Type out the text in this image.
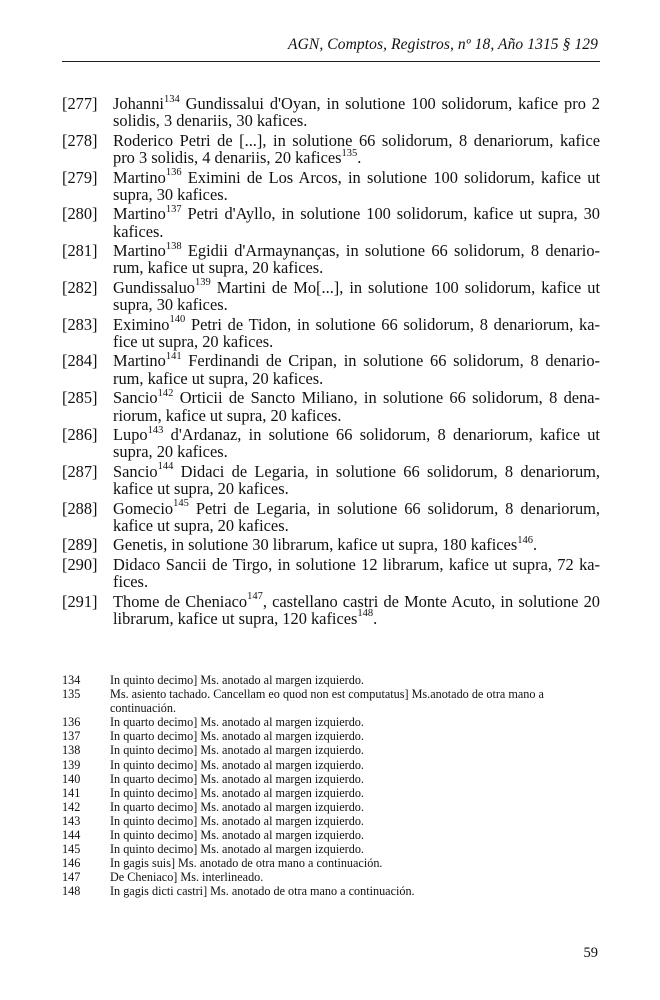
AGN, Comptos, Registros, nº 18, Año 1315 § 129
[277] Johanni$^{134}$ Gundissalui d'Oyan, in solutione 100 solidorum, kafice pro 2 solidis, 3 denariis, 30 kafices.
[278] Roderico Petri de [...], in solutione 66 solidorum, 8 denariorum, kafice pro 3 solidis, 4 denariis, 20 kafices$^{135}$.
[279] Martino$^{136}$ Eximini de Los Arcos, in solutione 100 solidorum, kafice ut supra, 30 kafices.
[280] Martino$^{137}$ Petri d'Ayllo, in solutione 100 solidorum, kafice ut supra, 30 kafices.
[281] Martino$^{138}$ Egidii d'Armaynanças, in solutione 66 solidorum, 8 denario-rum, kafice ut supra, 20 kafices.
[282] Gundissaluo$^{139}$ Martini de Mo[...], in solutione 100 solidorum, kafice ut supra, 30 kafices.
[283] Eximino$^{140}$ Petri de Tidon, in solutione 66 solidorum, 8 denariorum, ka-fice ut supra, 20 kafices.
[284] Martino$^{141}$ Ferdinandi de Cripan, in solutione 66 solidorum, 8 denario-rum, kafice ut supra, 20 kafices.
[285] Sancio$^{142}$ Orticii de Sancto Miliano, in solutione 66 solidorum, 8 dena-riorum, kafice ut supra, 20 kafices.
[286] Lupo$^{143}$ d'Ardanaz, in solutione 66 solidorum, 8 denariorum, kafice ut supra, 20 kafices.
[287] Sancio$^{144}$ Didaci de Legaria, in solutione 66 solidorum, 8 denariorum, kafice ut supra, 20 kafices.
[288] Gomecio$^{145}$ Petri de Legaria, in solutione 66 solidorum, 8 denariorum, kafice ut supra, 20 kafices.
[289] Genetis, in solutione 30 librarum, kafice ut supra, 180 kafices$^{146}$.
[290] Didaco Sancii de Tirgo, in solutione 12 librarum, kafice ut supra, 72 ka-fices.
[291] Thome de Cheniaco$^{147}$, castellano castri de Monte Acuto, in solutione 20 librarum, kafice ut supra, 120 kafices$^{148}$.
134 In quinto decimo] Ms. anotado al margen izquierdo.
135 Ms. asiento tachado. Cancellam eo quod non est computatus] Ms.anotado de otra mano a continuación.
136 In quarto decimo] Ms. anotado al margen izquierdo.
137 In quarto decimo] Ms. anotado al margen izquierdo.
138 In quinto decimo] Ms. anotado al margen izquierdo.
139 In quinto decimo] Ms. anotado al margen izquierdo.
140 In quarto decimo] Ms. anotado al margen izquierdo.
141 In quinto decimo] Ms. anotado al margen izquierdo.
142 In quarto decimo] Ms. anotado al margen izquierdo.
143 In quinto decimo] Ms. anotado al margen izquierdo.
144 In quinto decimo] Ms. anotado al margen izquierdo.
145 In quinto decimo] Ms. anotado al margen izquierdo.
146 In gagis suis] Ms. anotado de otra mano a continuación.
147 De Cheniaco] Ms. interlineado.
148 In gagis dicti castri] Ms. anotado de otra mano a continuación.
59
